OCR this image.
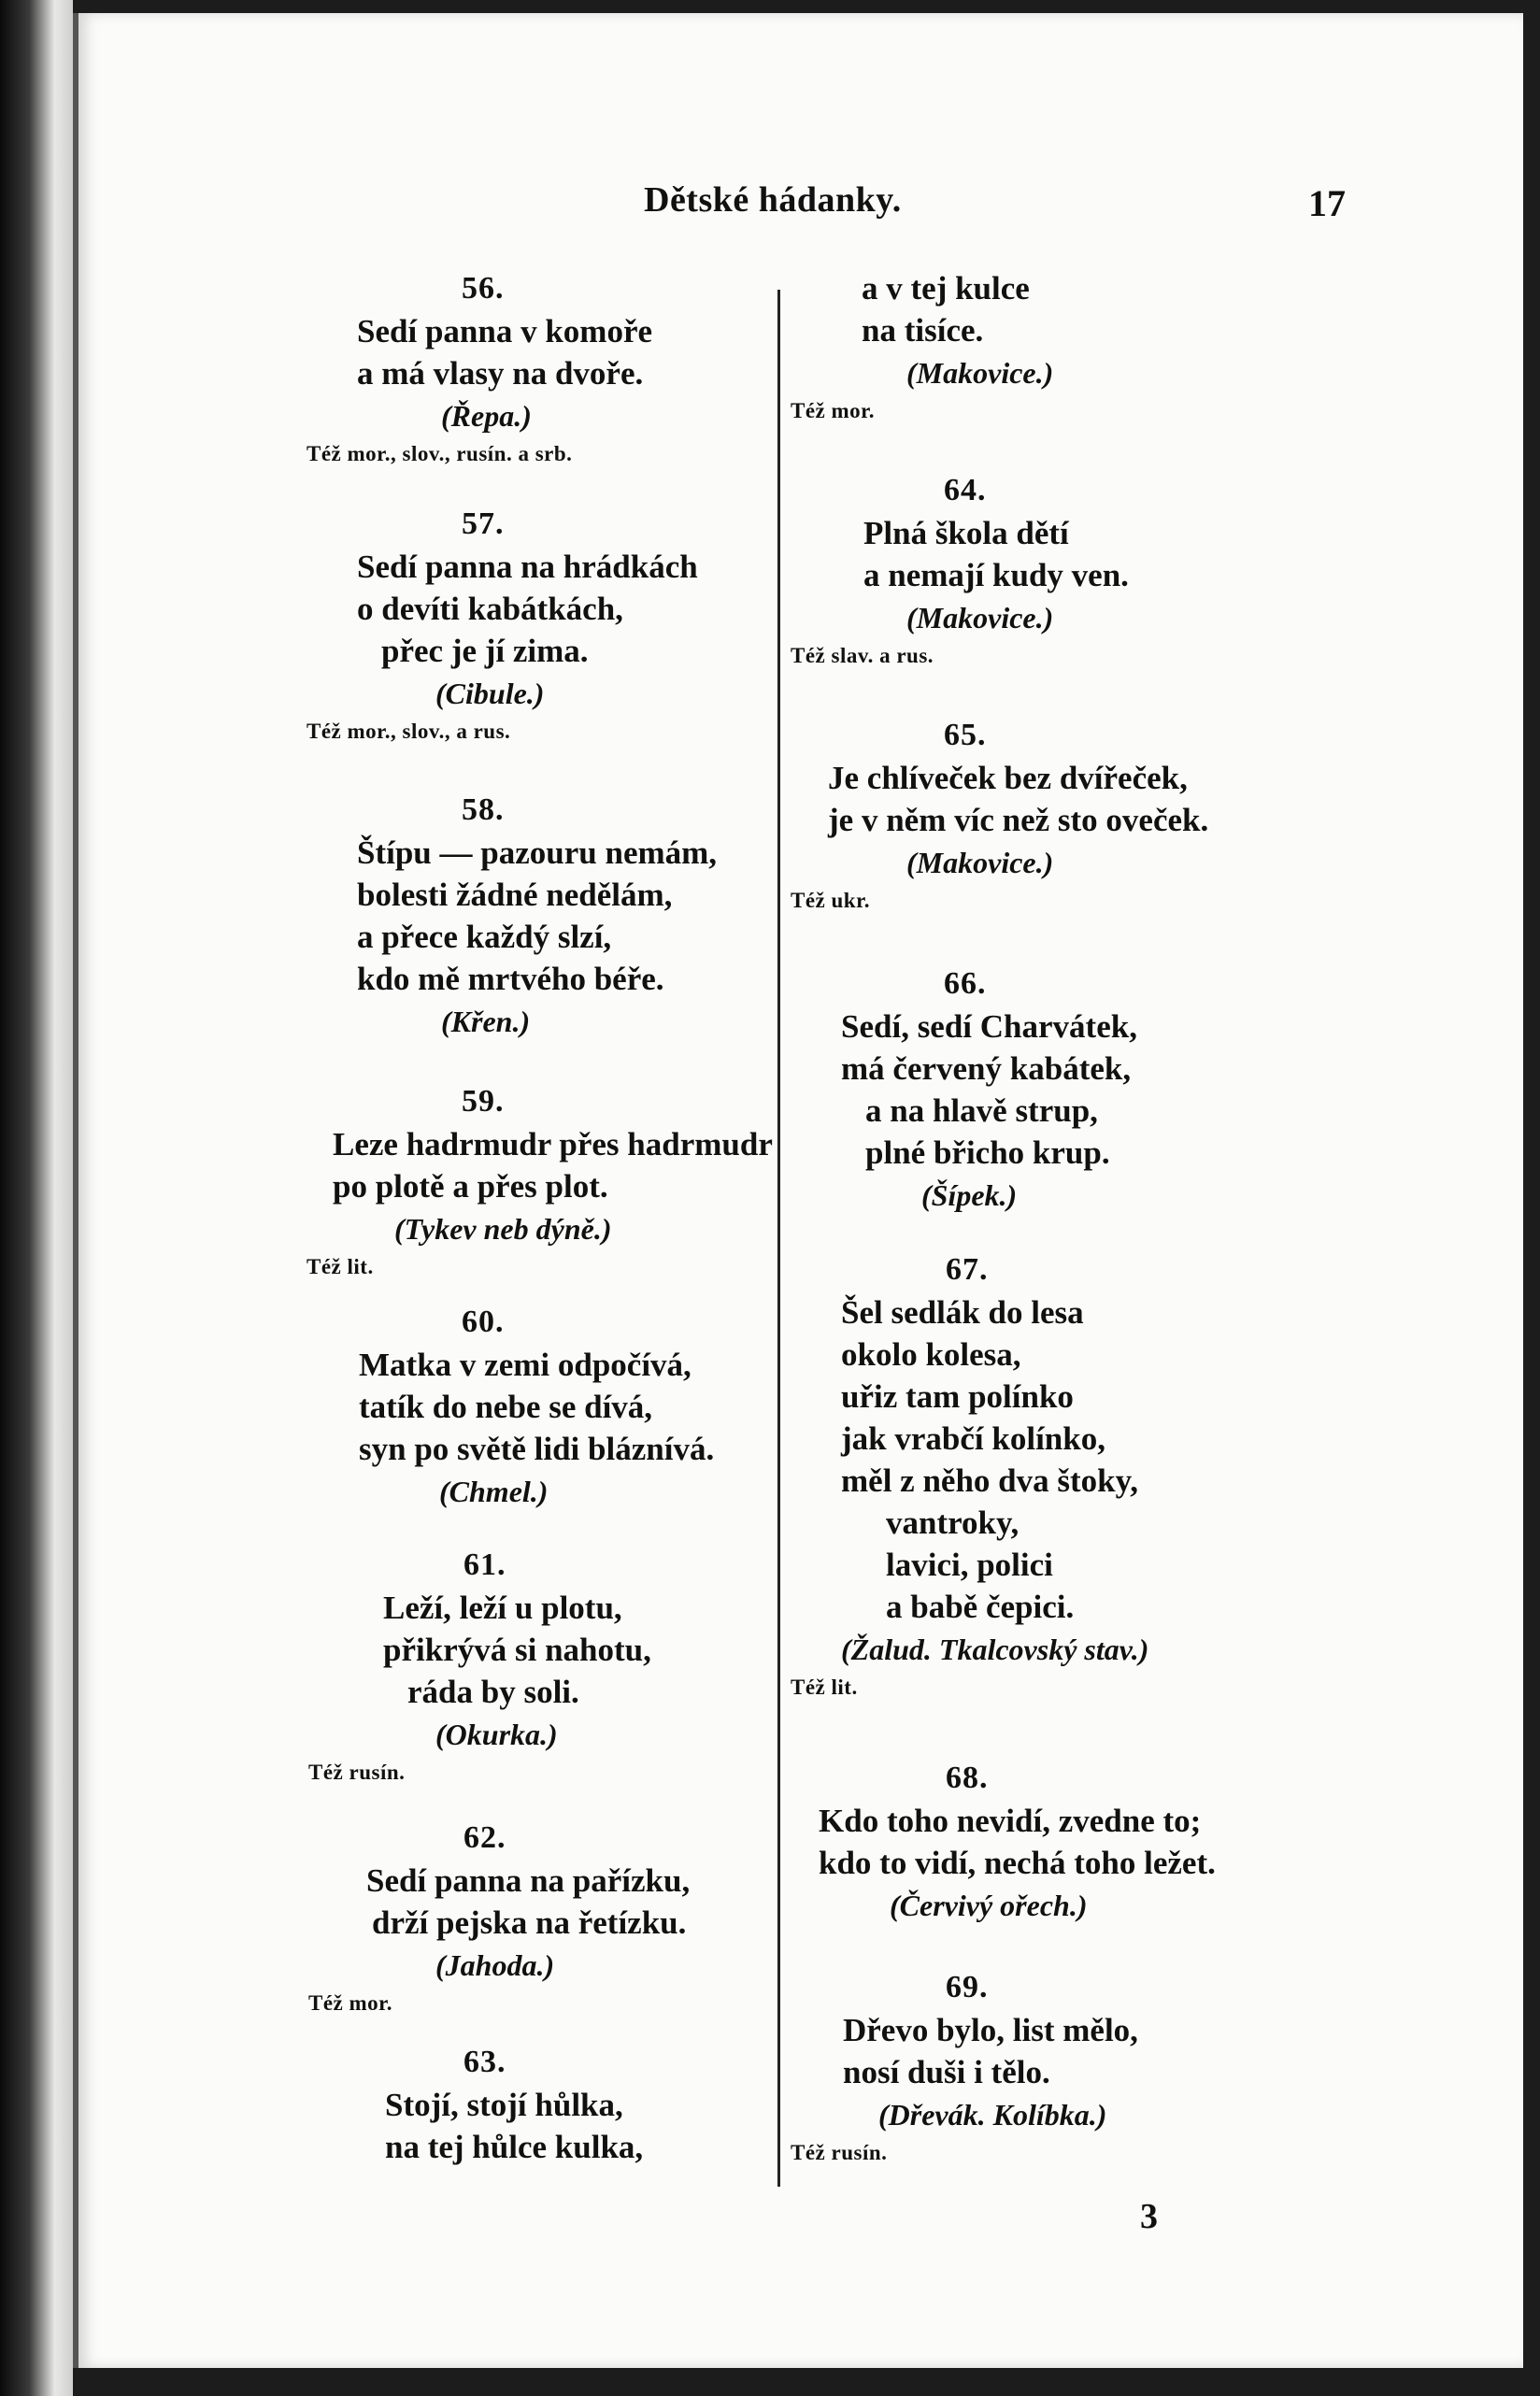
Dětské hádanky.	17
56.
Sedí panna v komoře
a má vlasy na dvoře.
(Řepa.)
Též mor., slov., rusín. a srb.
57.
Sedí panna na hrádkách
o devíti kabátkách,
přec je jí zima.
(Cibule.)
Též mor., slov., a rus.
58.
Štípu — pazouru nemám,
bolesti žádné nedělám,
a přece každý slzí,
kdo mě mrtvého béře.
(Křen.)
59.
Leze hadrmudr přes hadrmudr
po plotě a přes plot.
(Tykev neb dýně.)
Též lit.
60.
Matka v zemi odpočívá,
tatík do nebe se dívá,
syn po světě lidi bláznívá.
(Chmel.)
61.
Leží, leží u plotu,
přikrývá si nahotu,
ráda by soli.
(Okurka.)
Též rusín.
62.
Sedí panna na pařízku,
drží pejska na řetízku.
(Jahoda.)
Též mor.
63.
Stojí, stojí hůlka,
na tej hůlce kulka,
a v tej kulce
na tisíce.
(Makovice.)
Též mor.
64.
Plná škola dětí
a nemají kudy ven.
(Makovice.)
Též slav. a rus.
65.
Je chlíveček bez dvířeček,
je v něm víc než sto oveček.
(Makovice.)
Též ukr.
66.
Sedí, sedí Charvátek,
má červený kabátek,
a na hlavě strup,
plné břicho krup.
(Šípek.)
67.
Šel sedlák do lesa
okolo kolesa,
uřiz tam polínko
jak vrabčí kolínko,
měl z něho dva štoky,
vantroky,
lavici, polici
a babě čepici.
(Žalud. Tkalcovský stav.)
Též lit.
68.
Kdo toho nevidí, zvedne to;
kdo to vidí, nechá toho ležet.
(Červivý ořech.)
69.
Dřevo bylo, list mělo,
nosí duši i tělo.
(Dřevák. Kolíbka.)
Též rusín.
3
